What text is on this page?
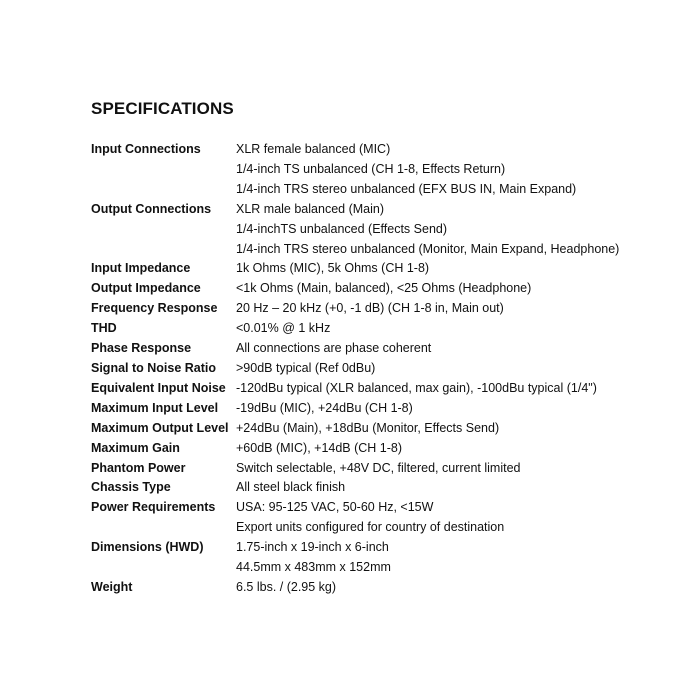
SPECIFICATIONS
Input Connections	XLR female balanced (MIC)
1/4-inch TS unbalanced (CH 1-8, Effects Return)
1/4-inch TRS stereo unbalanced (EFX BUS IN, Main Expand)
Output Connections	XLR male balanced (Main)
1/4-inchTS unbalanced (Effects Send)
1/4-inch TRS stereo unbalanced (Monitor, Main Expand, Headphone)
Input Impedance	1k Ohms (MIC), 5k Ohms (CH 1-8)
Output Impedance	<1k Ohms (Main, balanced), <25 Ohms (Headphone)
Frequency Response	20 Hz – 20 kHz (+0, -1 dB) (CH 1-8 in, Main out)
THD	<0.01% @ 1 kHz
Phase Response	All connections are phase coherent
Signal to Noise Ratio	>90dB typical (Ref 0dBu)
Equivalent Input Noise -120dBu typical (XLR balanced, max gain), -100dBu typical (1/4")
Maximum Input Level	-19dBu (MIC), +24dBu (CH 1-8)
Maximum Output Level +24dBu (Main), +18dBu (Monitor, Effects Send)
Maximum Gain	+60dB (MIC), +14dB (CH 1-8)
Phantom Power	Switch selectable, +48V DC, filtered, current limited
Chassis Type	All steel black finish
Power Requirements	USA: 95-125 VAC, 50-60 Hz, <15W
Export units configured for country of destination
Dimensions (HWD)	1.75-inch x 19-inch x 6-inch
44.5mm x 483mm x 152mm
Weight	6.5 lbs. / (2.95 kg)
